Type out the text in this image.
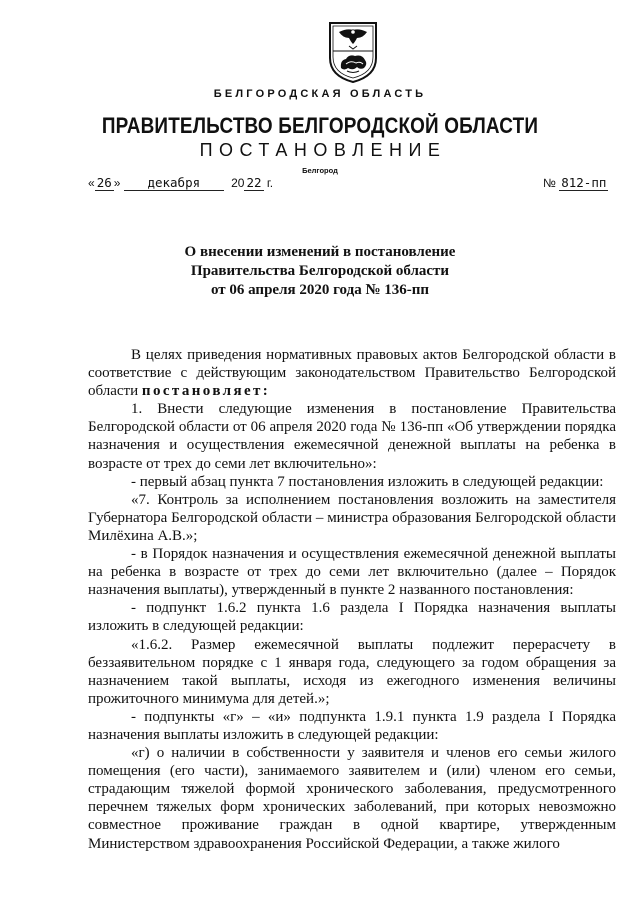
БЕЛГОРОДСКАЯ ОБЛАСТЬ
ПРАВИТЕЛЬСТВО БЕЛГОРОДСКОЙ ОБЛАСТИ
ПОСТАНОВЛЕНИЕ
Белгород
« 26 » декабря	20 22 г.	№ 812-пп
О внесении изменений в постановление
Правительства Белгородской области
от 06 апреля 2020 года № 136-пп

В целях приведения нормативных правовых актов Белгородской области в соответствие с действующим законодательством Правительство Белгородской области постановляет:

1. Внести следующие изменения в постановление Правительства Белгородской области от 06 апреля 2020 года № 136-пп «Об утверждении порядка назначения и осуществления ежемесячной денежной выплаты на ребенка в возрасте от трех до семи лет включительно»:

- первый абзац пункта 7 постановления изложить в следующей редакции:

«7. Контроль за исполнением постановления возложить на заместителя Губернатора Белгородской области – министра образования Белгородской области Милёхина А.В.»;

- в Порядок назначения и осуществления ежемесячной денежной выплаты на ребенка в возрасте от трех до семи лет включительно (далее – Порядок назначения выплаты), утвержденный в пункте 2 названного постановления:

- подпункт 1.6.2 пункта 1.6 раздела I Порядка назначения выплаты изложить в следующей редакции:

«1.6.2. Размер ежемесячной выплаты подлежит перерасчету в беззаявительном порядке с 1 января года, следующего за годом обращения за назначением такой выплаты, исходя из ежегодного изменения величины прожиточного минимума для детей.»;

- подпункты «г» – «и» подпункта 1.9.1 пункта 1.9 раздела I Порядка назначения выплаты изложить в следующей редакции:

«г) о наличии в собственности у заявителя и членов его семьи жилого помещения (его части), занимаемого заявителем и (или) членом его семьи, страдающим тяжелой формой хронического заболевания, предусмотренного перечнем тяжелых форм хронических заболеваний, при которых невозможно совместное проживание граждан в одной квартире, утвержденным Министерством здравоохранения Российской Федерации, а также жилого
